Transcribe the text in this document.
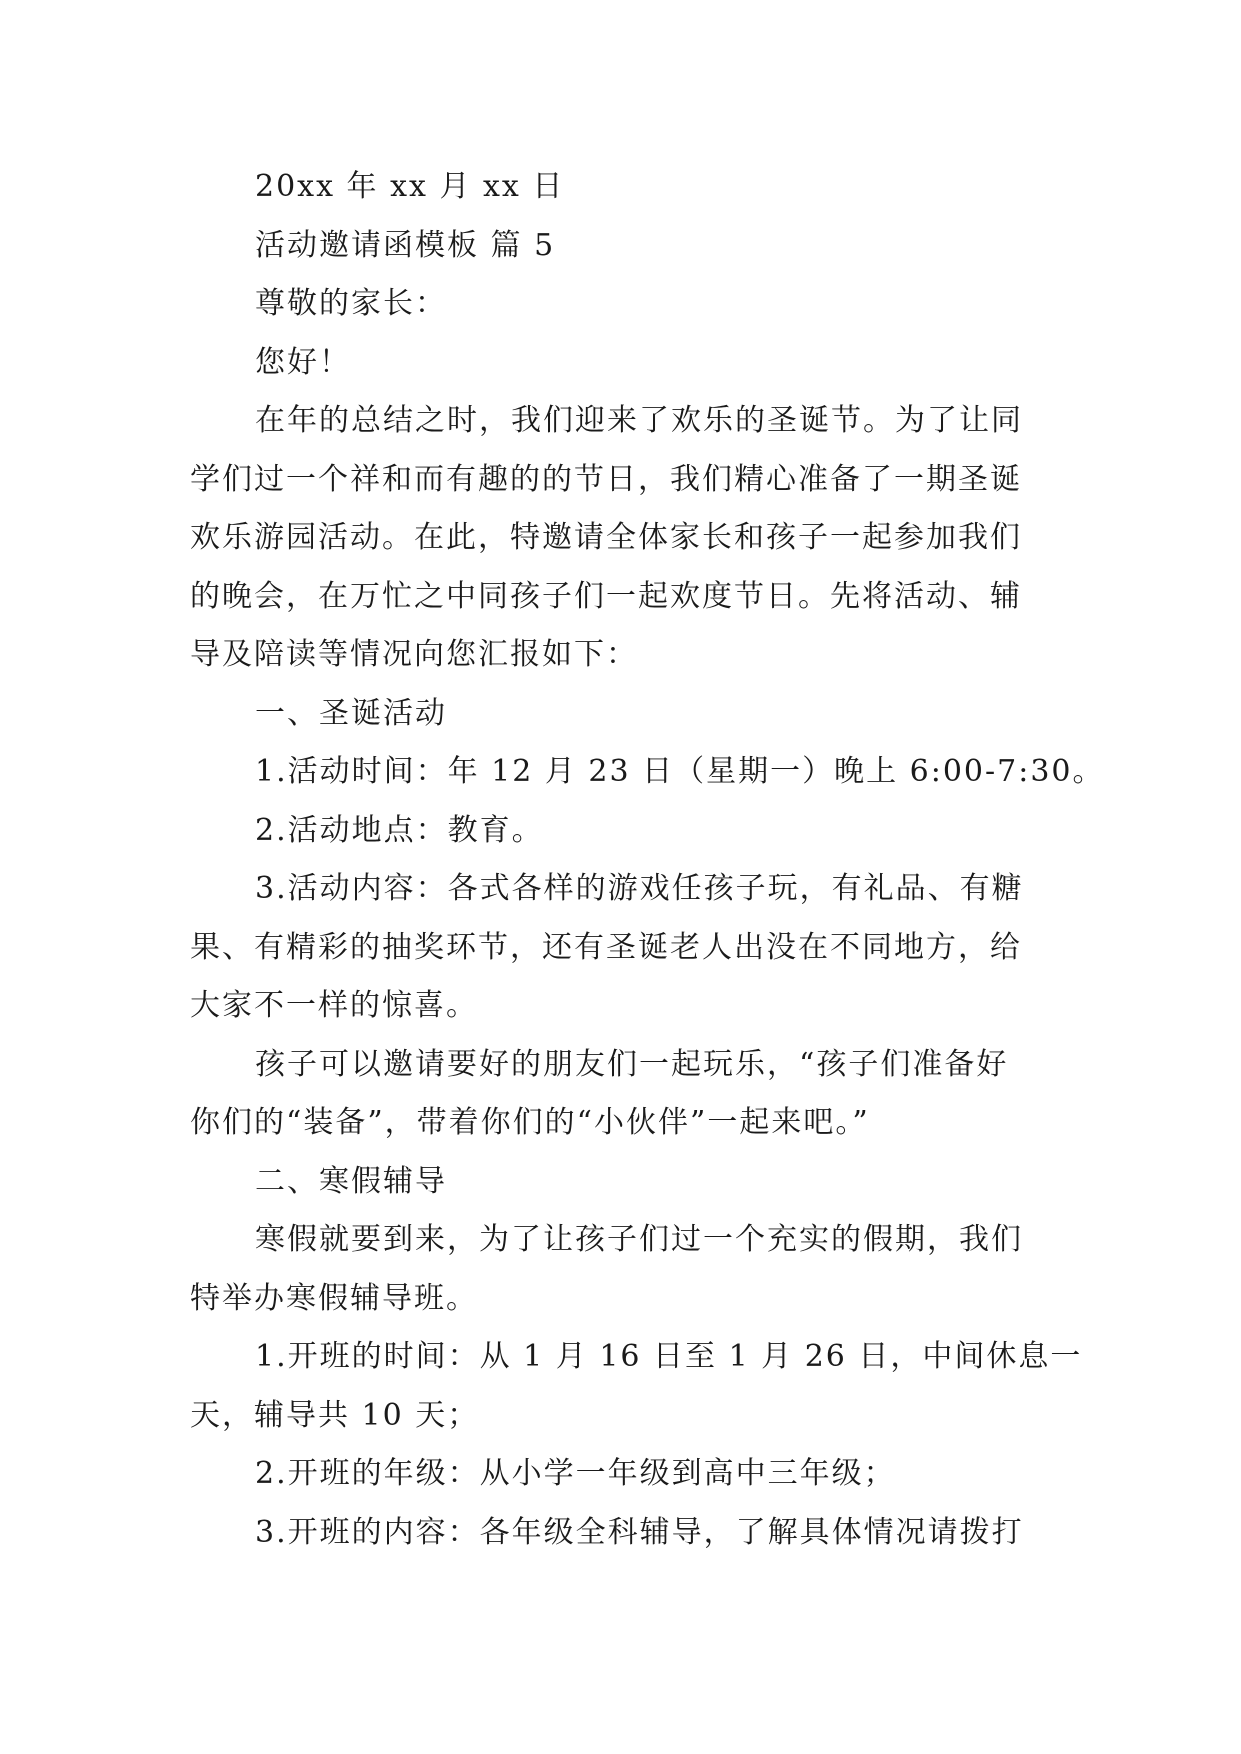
20xx 年 xx 月 xx 日
活动邀请函模板 篇 5
尊敬的家长：
您好！
在年的总结之时，我们迎来了欢乐的圣诞节。为了让同
学们过一个祥和而有趣的的节日，我们精心准备了一期圣诞
欢乐游园活动。在此，特邀请全体家长和孩子一起参加我们
的晚会，在万忙之中同孩子们一起欢度节日。先将活动、辅
导及陪读等情况向您汇报如下：
一、圣诞活动
1.活动时间：年 12 月 23 日（星期一）晚上 6:00-7:30。
2.活动地点：教育。
3.活动内容：各式各样的游戏任孩子玩，有礼品、有糖
果、有精彩的抽奖环节，还有圣诞老人出没在不同地方，给
大家不一样的惊喜。
孩子可以邀请要好的朋友们一起玩乐，“孩子们准备好
你们的“装备”，带着你们的“小伙伴”一起来吧。”
二、寒假辅导
寒假就要到来，为了让孩子们过一个充实的假期，我们
特举办寒假辅导班。
1.开班的时间：从 1 月 16 日至 1 月 26 日，中间休息一
天，辅导共 10 天；
2.开班的年级：从小学一年级到高中三年级；
3.开班的内容：各年级全科辅导，了解具体情况请拨打
